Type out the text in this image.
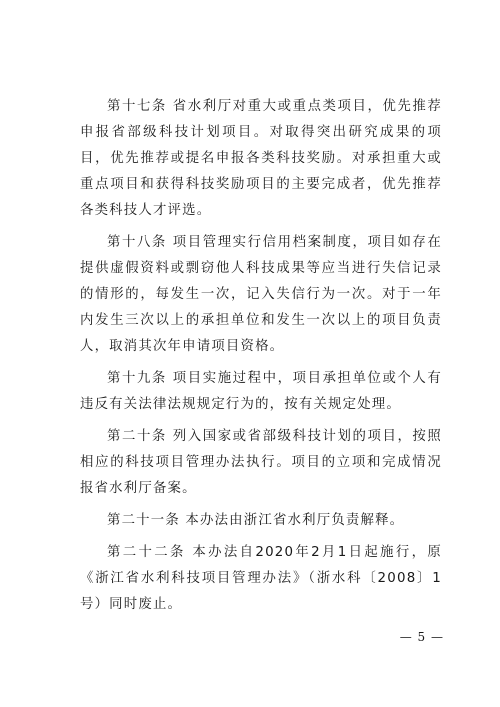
第十七条 省水利厅对重大或重点类项目，优先推荐申报省部级科技计划项目。对取得突出研究成果的项目，优先推荐或提名申报各类科技奖励。对承担重大或重点项目和获得科技奖励项目的主要完成者，优先推荐各类科技人才评选。

第十八条 项目管理实行信用档案制度，项目如存在提供虚假资料或剽窃他人科技成果等应当进行失信记录的情形的，每发生一次，记入失信行为一次。对于一年内发生三次以上的承担单位和发生一次以上的项目负责人，取消其次年申请项目资格。

第十九条 项目实施过程中，项目承担单位或个人有违反有关法律法规规定行为的，按有关规定处理。

第二十条 列入国家或省部级科技计划的项目，按照相应的科技项目管理办法执行。项目的立项和完成情况报省水利厅备案。

第二十一条 本办法由浙江省水利厅负责解释。

第二十二条 本办法自2020年2月1日起施行，原《浙江省水利科技项目管理办法》（浙水科〔2008〕1号）同时废止。

— 5 —
